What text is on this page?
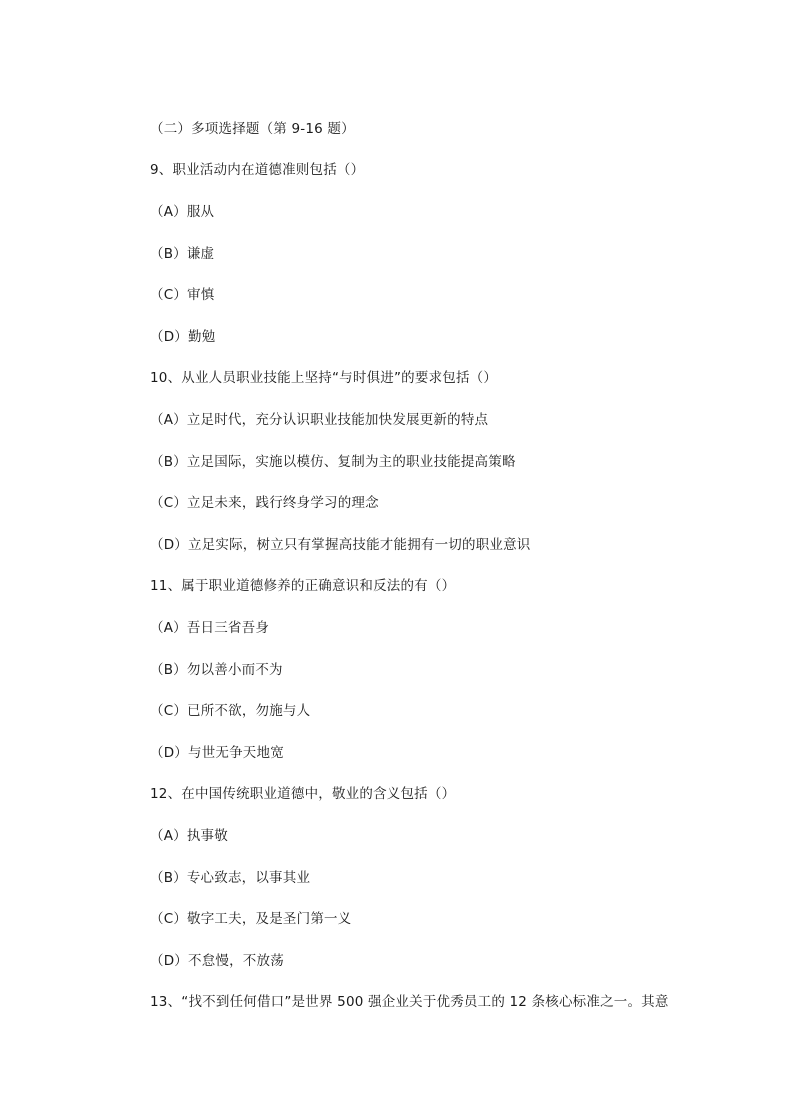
（二）多项选择题（第 9-16 题）
9、职业活动内在道德准则包括（）
（A）服从
（B）谦虚
（C）审慎
（D）勤勉
10、从业人员职业技能上坚持“与时俱进”的要求包括（）
（A）立足时代，充分认识职业技能加快发展更新的特点
（B）立足国际，实施以模仿、复制为主的职业技能提高策略
（C）立足未来，践行终身学习的理念
（D）立足实际，树立只有掌握高技能才能拥有一切的职业意识
11、属于职业道德修养的正确意识和反法的有（）
（A）吾日三省吾身
（B）勿以善小而不为
（C）已所不欲，勿施与人
（D）与世无争天地宽
12、在中国传统职业道德中，敬业的含义包括（）
（A）执事敬
（B）专心致志，以事其业
（C）敬字工夫，及是圣门第一义
（D）不怠慢，不放荡
13、“找不到任何借口”是世界 500 强企业关于优秀员工的 12 条核心标准之一。其意
